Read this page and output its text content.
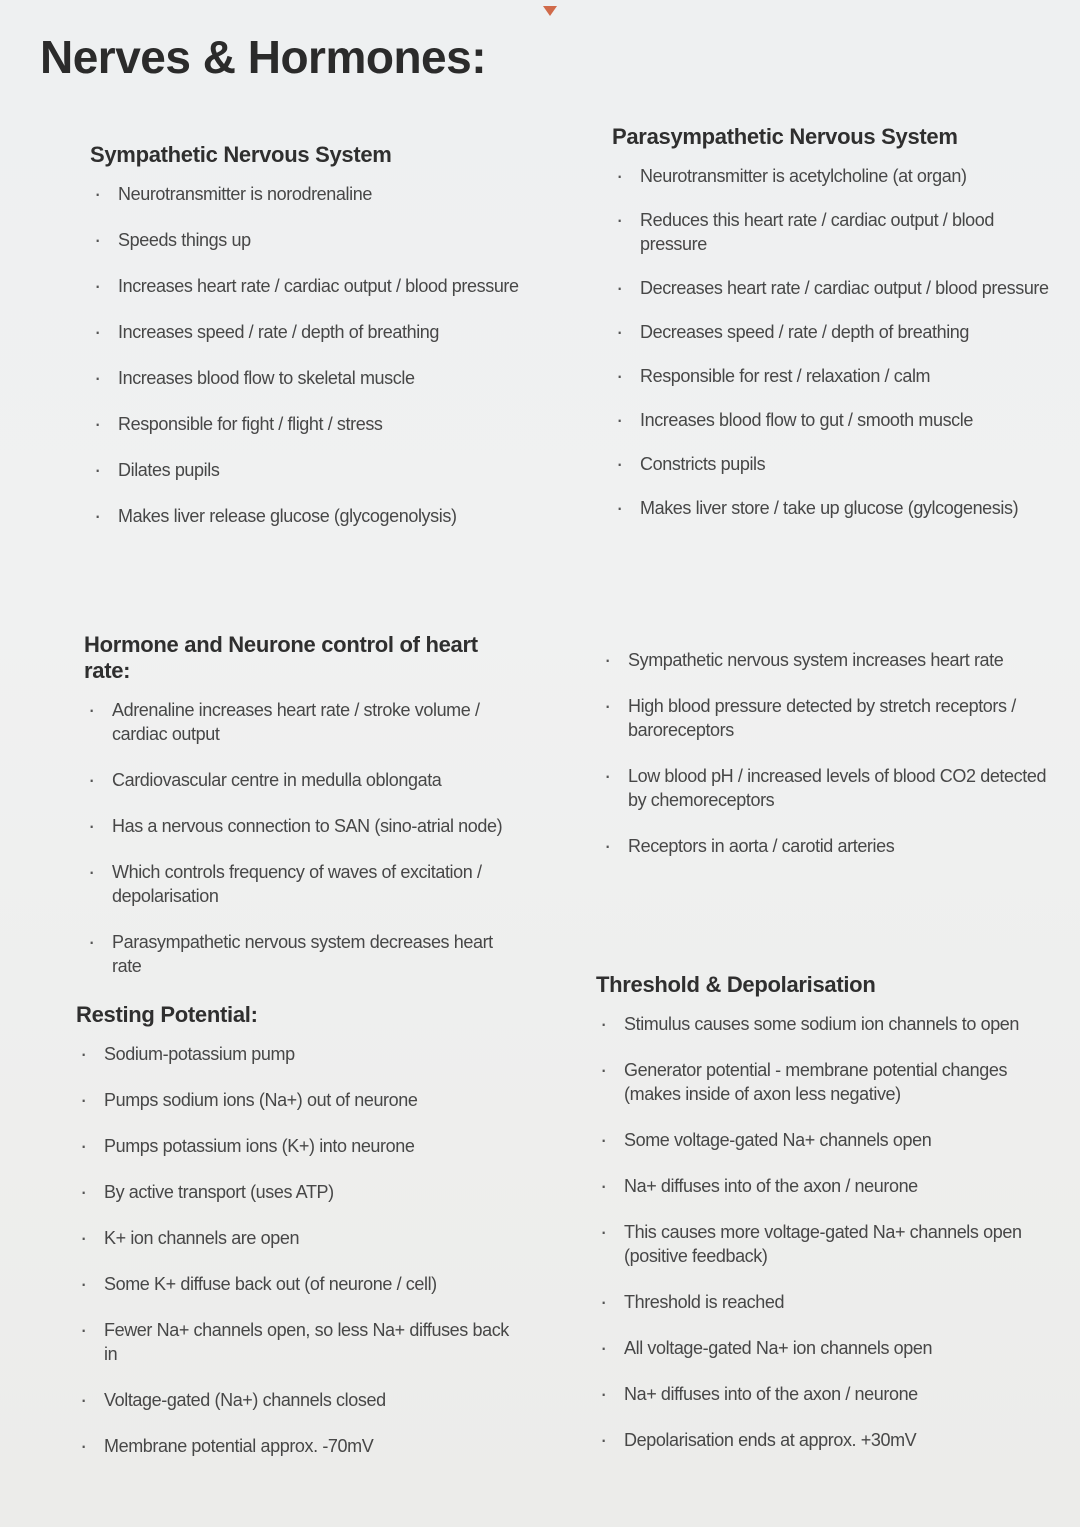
Nerves & Hormones:
Sympathetic Nervous System
· Neurotransmitter is norodrenaline
· Speeds things up
· Increases heart rate / cardiac output / blood pressure
· Increases speed / rate / depth of breathing
· Increases blood flow to skeletal muscle
· Responsible for fight / flight / stress
· Dilates pupils
· Makes liver release glucose (glycogenolysis)
Parasympathetic Nervous System
· Neurotransmitter is acetylcholine (at organ)
· Reduces this heart rate / cardiac output / blood pressure
· Decreases heart rate / cardiac output / blood pressure
· Decreases speed / rate / depth of breathing
· Responsible for rest / relaxation / calm
· Increases blood flow to gut / smooth muscle
· Constricts pupils
· Makes liver store / take up glucose (gylcogenesis)
Hormone and Neurone control of heart rate:
· Adrenaline increases heart rate / stroke volume / cardiac output
· Cardiovascular centre in medulla oblongata
· Has a nervous connection to SAN (sino-atrial node)
· Which controls frequency of waves of excitation / depolarisation
· Parasympathetic nervous system decreases heart rate
· Sympathetic nervous system increases heart rate
· High blood pressure detected by stretch receptors / baroreceptors
· Low blood pH / increased levels of blood CO2 detected by chemoreceptors
· Receptors in aorta / carotid arteries
Resting Potential:
· Sodium-potassium pump
· Pumps sodium ions (Na+) out of neurone
· Pumps potassium ions (K+) into neurone
· By active transport (uses ATP)
· K+ ion channels are open
· Some K+ diffuse back out (of neurone / cell)
· Fewer Na+ channels open, so less Na+ diffuses back in
· Voltage-gated (Na+) channels closed
· Membrane potential approx. -70mV
Threshold & Depolarisation
· Stimulus causes some sodium ion channels to open
· Generator potential - membrane potential changes (makes inside of axon less negative)
· Some voltage-gated Na+ channels open
· Na+ diffuses into of the axon / neurone
· This causes more voltage-gated Na+ channels open (positive feedback)
· Threshold is reached
· All voltage-gated Na+ ion channels open
· Na+ diffuses into of the axon / neurone
· Depolarisation ends at approx. +30mV
